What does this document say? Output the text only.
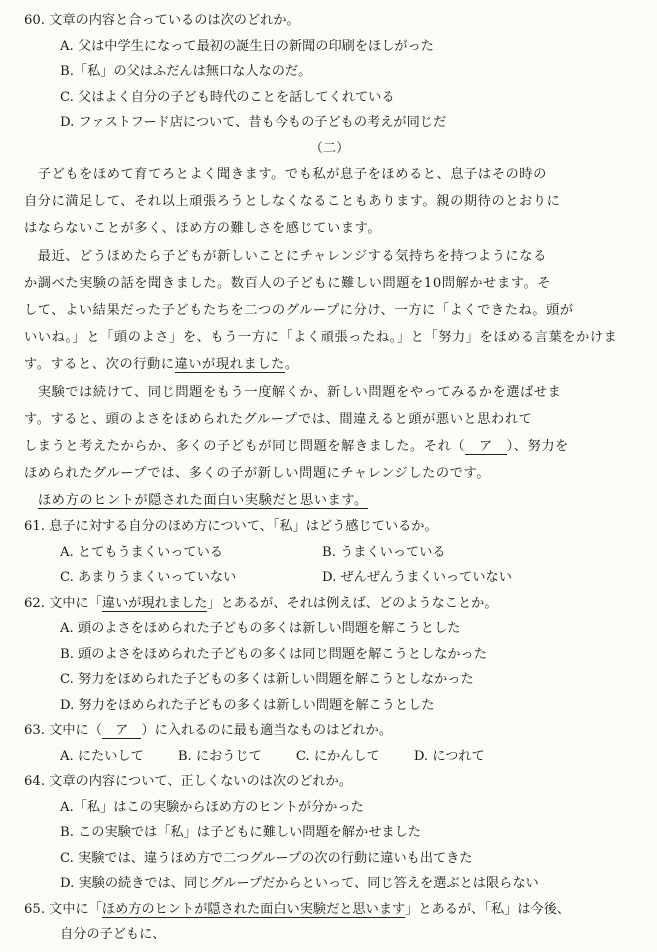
60. 文章の内容と合っているのは次のどれか。
A. 父は中学生になって最初の誕生日の新聞の印刷をほしがった
B.「私」の父はふだんは無口な人なのだ。
C. 父はよく自分の子ども時代のことを話してくれている
D. ファストフード店について、昔も今もの子どもの考えが同じだ
（二）
　子どもをほめて育てろとよく聞きます。でも私が息子をほめると、息子はその時の
自分に満足して、それ以上頑張ろうとしなくなることもあります。親の期待のとおりに
はならないことが多く、ほめ方の難しさを感じています。
　最近、どうほめたら子どもが新しいことにチャレンジする気持ちを持つようになる
か調べた実験の話を聞きました。数百人の子どもに難しい問題を10問解かせます。そ
して、よい結果だった子どもたちを二つのグループに分け、一方に「よくできたね。頭が
いいね。」と「頭のよさ」を、もう一方に「よく頑張ったね。」と「努力」をほめる言葉をかけま
す。すると、次の行動に違いが現れました。
　実験では続けて、同じ問題をもう一度解くか、新しい問題をやってみるかを選ばせま
す。すると、頭のよさをほめられたグループでは、間違えると頭が悪いと思われて
しまうと考えたからか、多くの子どもが同じ問題を解きました。それ（  ア  ）、努力を
ほめられたグループでは、多くの子が新しい問題にチャレンジしたのです。
ほめ方のヒントが隠された面白い実験だと思います。
61. 息子に対する自分のほめ方について、「私」はどう感じているか。
A. とてもうまくいっている	B. うまくいっている
C. あまりうまくいっていない	D. ぜんぜんうまくいっていない
62. 文中に「違いが現れました」とあるが、それは例えば、どのようなことか。
A. 頭のよさをほめられた子どもの多くは新しい問題を解こうとした
B. 頭のよさをほめられた子どもの多くは同じ問題を解こうとしなかった
C. 努力をほめられた子どもの多くは新しい問題を解こうとしなかった
D. 努力をほめられた子どもの多くは新しい問題を解こうとした
63. 文中に（  ア  ）に入れるのに最も適当なものはどれか。
A. にたいして	B. におうじて	C. にかんして	D. につれて
64. 文章の内容について、正しくないのは次のどれか。
A.「私」はこの実験からほめ方のヒントが分かった
B. この実験では「私」は子どもに難しい問題を解かせました
C. 実験では、違うほめ方で二つグループの次の行動に違いも出てきた
D. 実験の続きでは、同じグループだからといって、同じ答えを選ぶとは限らない
65. 文中に「ほめ方のヒントが隠された面白い実験だと思います」とあるが、「私」は今後、
自分の子どもに、
